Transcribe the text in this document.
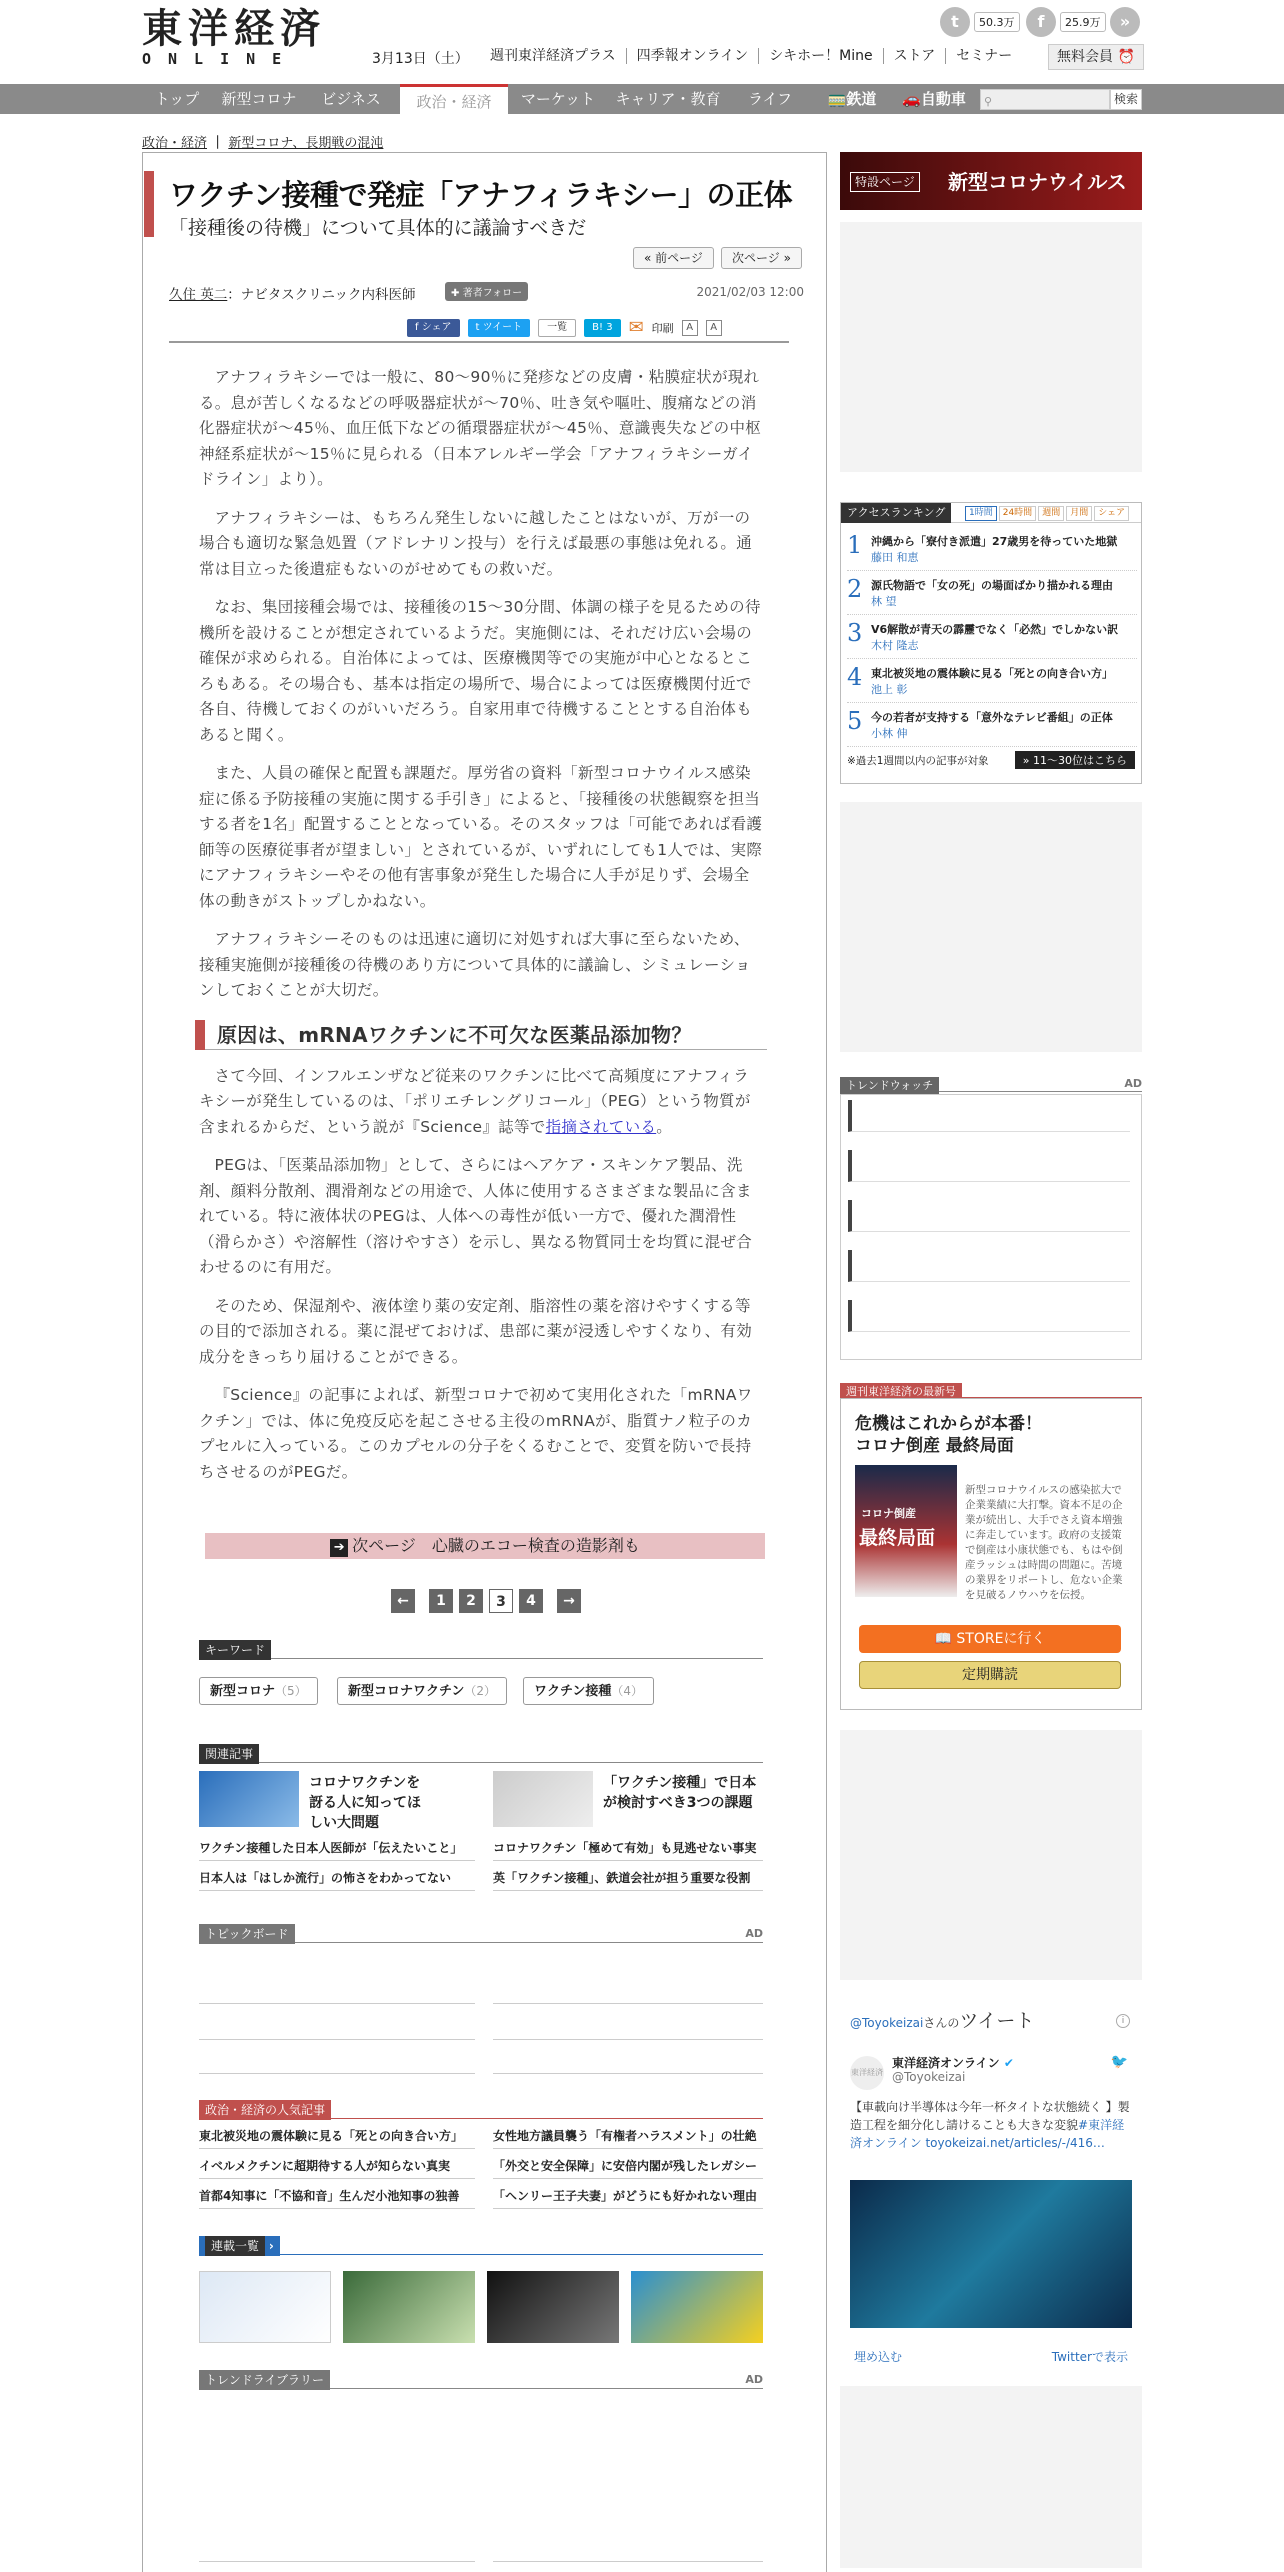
東洋経済
ONLINE	3月13日（土） 週刊東洋経済プラス	四季報オンライン	シキホー！Mine	ストア	セミナー
t	50.3万	f	25.9万	»
無料会員 ⏰
トップ	新型コロナ	ビジネス	政治・経済	マーケット	キャリア・教育	ライフ	🚃鉄道	🚗自動車	⚲	検索
政治・経済 ｜ 新型コロナ、長期戦の混沌
ワクチン接種で発症「アナフィラキシー」の正体
「接種後の待機」について具体的に議論すべきだ
« 前ページ	次ページ »
久住 英二：ナビタスクリニック内科医師	✚ 著者フォロー	2021/02/03 12:00
f シェア	t ツイート	一覧	B! 3 ✉ 印刷	A	A

アナフィラキシーでは一般に、80～90％に発疹などの皮膚・粘膜症状が現れる。息が苦しくなるなどの呼吸器症状が～70％、吐き気や嘔吐、腹痛などの消化器症状が～45％、血圧低下などの循環器症状が～45％、意識喪失などの中枢神経系症状が～15％に見られる（日本アレルギー学会「アナフィラキシーガイドライン」より）。

アナフィラキシーは、もちろん発生しないに越したことはないが、万が一の場合も適切な緊急処置（アドレナリン投与）を行えば最悪の事態は免れる。通常は目立った後遺症もないのがせめてもの救いだ。

なお、集団接種会場では、接種後の15～30分間、体調の様子を見るための待機所を設けることが想定されているようだ。実施側には、それだけ広い会場の確保が求められる。自治体によっては、医療機関等での実施が中心となるところもある。その場合も、基本は指定の場所で、場合によっては医療機関付近で各自、待機しておくのがいいだろう。自家用車で待機することとする自治体もあると聞く。

また、人員の確保と配置も課題だ。厚労省の資料「新型コロナウイルス感染症に係る予防接種の実施に関する手引き」によると、「接種後の状態観察を担当する者を1名」配置することとなっている。そのスタッフは「可能であれば看護師等の医療従事者が望ましい」とされているが、いずれにしても1人では、実際にアナフィラキシーやその他有害事象が発生した場合に人手が足りず、会場全体の動きがストップしかねない。

アナフィラキシーそのものは迅速に適切に対処すれば大事に至らないため、接種実施側が接種後の待機のあり方について具体的に議論し、シミュレーションしておくことが大切だ。

原因は、mRNAワクチンに不可欠な医薬品添加物？

さて今回、インフルエンザなど従来のワクチンに比べて高頻度にアナフィラキシーが発生しているのは、「ポリエチレングリコール」（PEG）という物質が含まれるからだ、という説が『Science』誌等で指摘されている。

PEGは、「医薬品添加物」として、さらにはヘアケア・スキンケア製品、洗剤、顔料分散剤、潤滑剤などの用途で、人体に使用するさまざまな製品に含まれている。特に液体状のPEGは、人体への毒性が低い一方で、優れた潤滑性（滑らかさ）や溶解性（溶けやすさ）を示し、異なる物質同士を均質に混ぜ合わせるのに有用だ。

そのため、保湿剤や、液体塗り薬の安定剤、脂溶性の薬を溶けやすくする等の目的で添加される。薬に混ぜておけば、患部に薬が浸透しやすくなり、有効成分をきっちり届けることができる。

『Science』の記事によれば、新型コロナで初めて実用化された「mRNAワクチン」では、体に免疫反応を起こさせる主役のmRNAが、脂質ナノ粒子のカプセルに入っている。このカプセルの分子をくるむことで、変質を防いで長持ちさせるのがPEGだ。

➔ 次ページ　心臓のエコー検査の造影剤も
←	1	2	3	4	→
キーワード
新型コロナ（5）	新型コロナワクチン（2）	ワクチン接種（4）
関連記事
コロナワクチンを訝る人に知ってほしい大問題
「ワクチン接種」で日本が検討すべき3つの課題
ワクチン接種した日本人医師が「伝えたいこと」	コロナワクチン「極めて有効」も見逃せない事実
日本人は「はしか流行」の怖さをわかってない	英「ワクチン接種」、鉄道会社が担う重要な役割
トピックボード	AD
政治・経済の人気記事
東北被災地の震体験に見る「死との向き合い方」	女性地方議員襲う「有権者ハラスメント」の壮絶
イベルメクチンに超期待する人が知らない真実	「外交と安全保障」に安倍内閣が残したレガシー
首都4知事に「不協和音」生んだ小池知事の独善	「ヘンリー王子夫妻」がどうにも好かれない理由
連載一覧 ›
トレンドライブラリー	AD
特設ページ 新型コロナウイルス
アクセスランキング	1時間	24時間	週間	月間	シェア
1 沖縄から「寮付き派遣」27歳男を待っていた地獄
藤田 和恵
2 源氏物語で「女の死」の場面ばかり描かれる理由
林 望
3 V6解散が青天の霹靂でなく「必然」でしかない訳
木村 隆志
4 東北被災地の震体験に見る「死との向き合い方」
池上 彰
5 今の若者が支持する「意外なテレビ番組」の正体
小林 伸
※過去1週間以内の記事が対象	» 11～30位はこちら
トレンドウォッチ	AD
週刊東洋経済の最新号
危機はこれからが本番！
コロナ倒産 最終局面
コロナ倒産
最終局面
新型コロナウイルスの感染拡大で企業業績に大打撃。資本不足の企業が続出し、大手でさえ資本増強に奔走しています。政府の支援策で倒産は小康状態でも、もはや倒産ラッシュは時間の問題に。苦境の業界をリポートし、危ない企業を見破るノウハウを伝授。
📖 STOREに行く
定期購読
@Toyokeizaiさんのツイート	i
東洋経済
東洋経済オンライン ✔	🐦
@Toyokeizai
【車載向け半導体は今年一杯タイトな状態続く 】製造工程を細分化し請けることも大きな変貌#東洋経済オンライン toyokeizai.net/articles/-/416…
埋め込む	Twitterで表示
